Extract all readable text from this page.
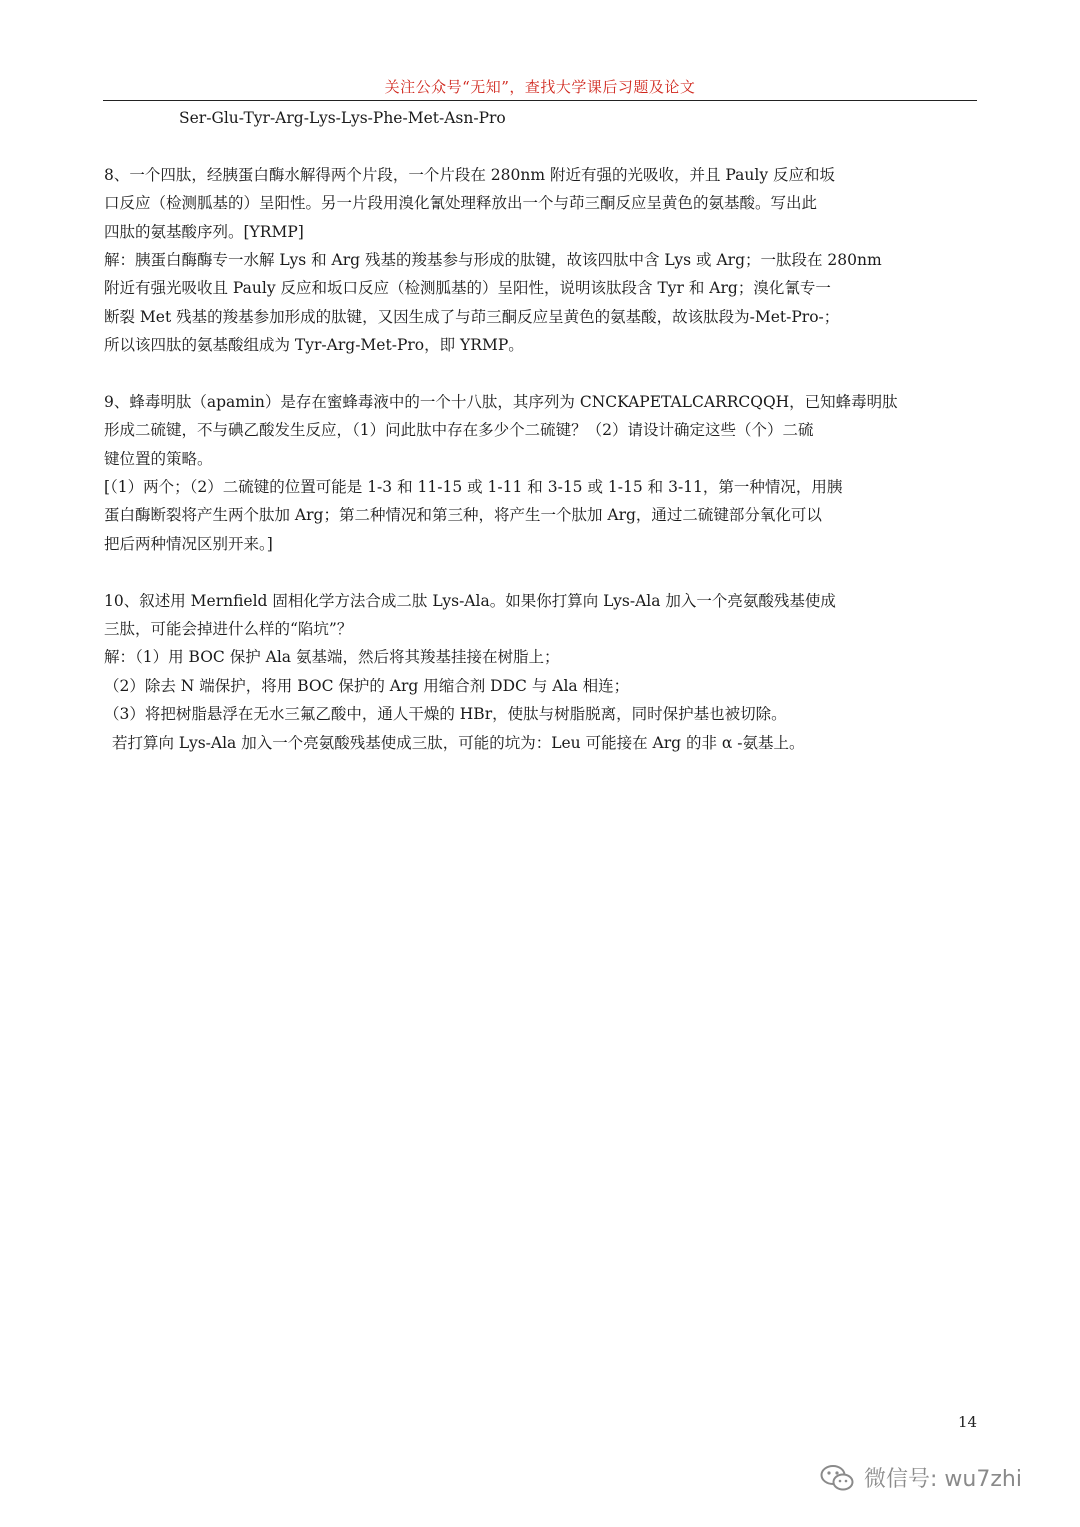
关注公众号“无知”，查找大学课后习题及论文
Ser-Glu-Tyr-Arg-Lys-Lys-Phe-Met-Asn-Pro
8、一个四肽，经胰蛋白酶水解得两个片段，一个片段在 280nm 附近有强的光吸收，并且 Pauly 反应和坂
口反应（检测胍基的）呈阳性。另一片段用溴化氰处理释放出一个与茚三酮反应呈黄色的氨基酸。写出此
四肽的氨基酸序列。[YRMP]
解：胰蛋白酶酶专一水解 Lys 和 Arg 残基的羧基参与形成的肽键，故该四肽中含 Lys 或 Arg；一肽段在 280nm
附近有强光吸收且 Pauly 反应和坂口反应（检测胍基的）呈阳性，说明该肽段含 Tyr 和 Arg；溴化氰专一
断裂 Met 残基的羧基参加形成的肽键，又因生成了与茚三酮反应呈黄色的氨基酸，故该肽段为-Met-Pro-；
所以该四肽的氨基酸组成为 Tyr-Arg-Met-Pro，即 YRMP。
9、蜂毒明肽（apamin）是存在蜜蜂毒液中的一个十八肽，其序列为 CNCKAPETALCARRCQQH，已知蜂毒明肽
形成二硫键，不与碘乙酸发生反应，（1）问此肽中存在多少个二硫键？（2）请设计确定这些（个）二硫
键位置的策略。
[（1）两个；（2）二硫键的位置可能是 1-3 和 11-15 或 1-11 和 3-15 或 1-15 和 3-11，第一种情况，用胰
蛋白酶断裂将产生两个肽加 Arg；第二种情况和第三种，将产生一个肽加 Arg，通过二硫键部分氧化可以
把后两种情况区别开来。]
10、叙述用 Mernfield 固相化学方法合成二肽 Lys-Ala。如果你打算向 Lys-Ala 加入一个亮氨酸残基使成
三肽，可能会掉进什么样的“陷坑”？
解：（1）用 BOC 保护 Ala 氨基端，然后将其羧基挂接在树脂上；
（2）除去 N 端保护，将用 BOC 保护的 Arg 用缩合剂 DDC 与 Ala 相连；
（3）将把树脂悬浮在无水三氟乙酸中，通人干燥的 HBr，使肽与树脂脱离，同时保护基也被切除。
若打算向 Lys-Ala 加入一个亮氨酸残基使成三肽，可能的坑为：Leu 可能接在 Arg 的非 α -氨基上。
14
微信号: wu7zhi
